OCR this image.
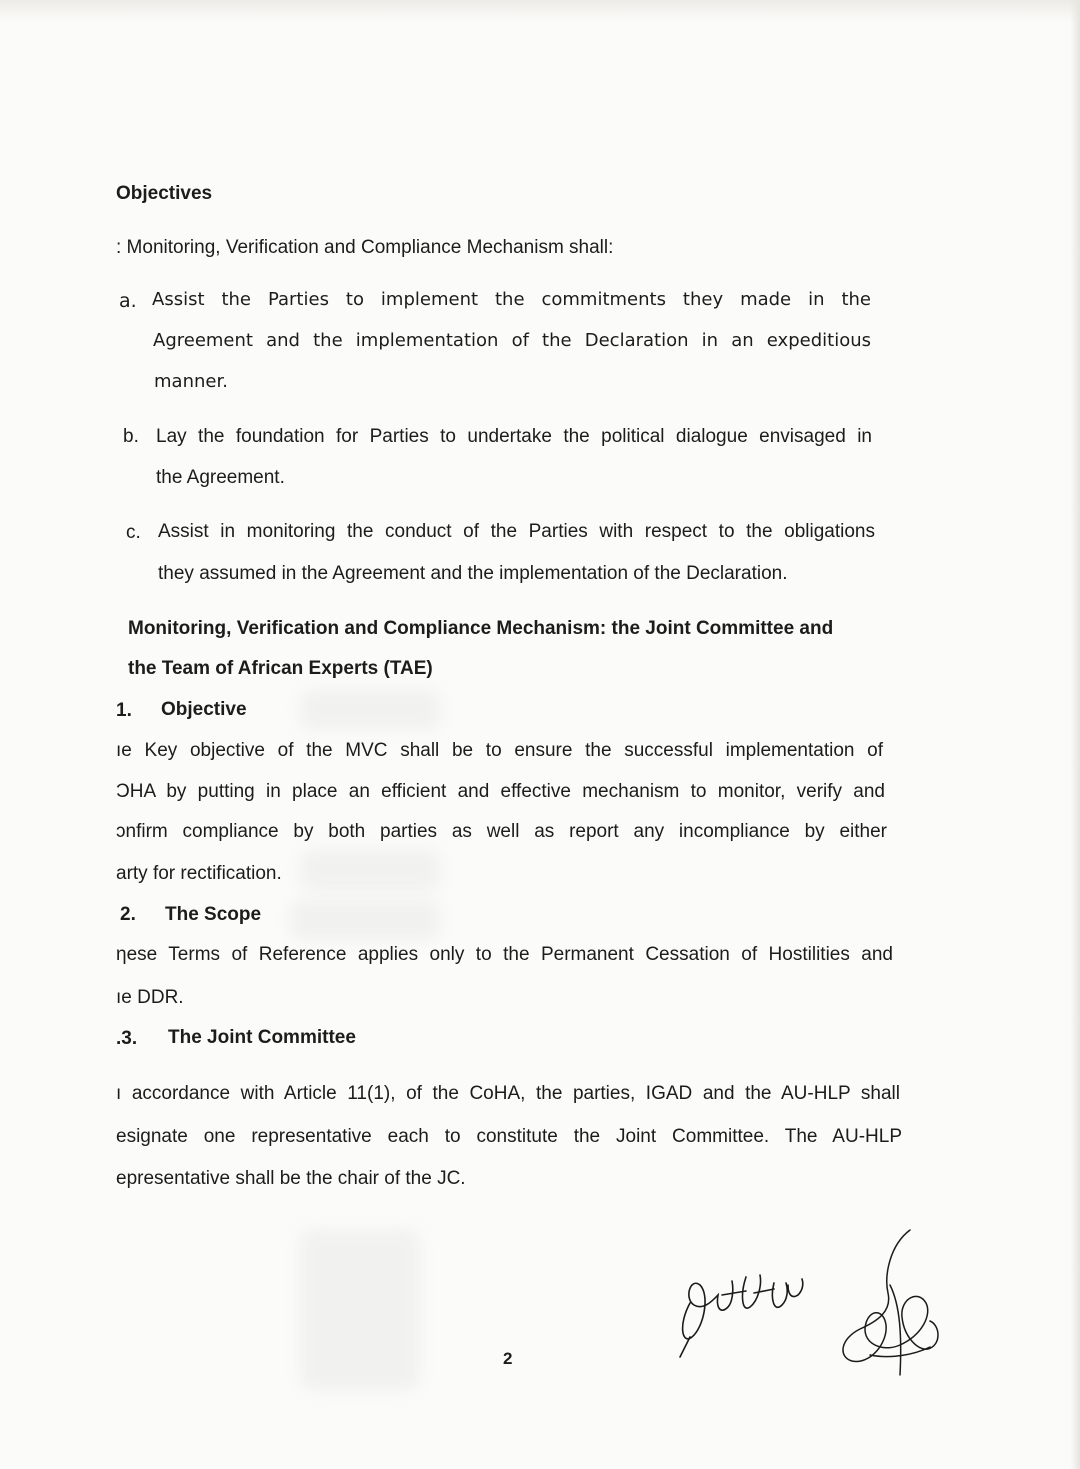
Objectives
: Monitoring, Verification and Compliance Mechanism shall:
a. Assist the Parties to implement the commitments they made in the
Agreement and the implementation of the Declaration in an expeditious
manner.
b. Lay the foundation for Parties to undertake the political dialogue envisaged in
the Agreement.
c. Assist in monitoring the conduct of the Parties with respect to the obligations
they assumed in the Agreement and the implementation of the Declaration.
Monitoring, Verification and Compliance Mechanism: the Joint Committee and
the Team of African Experts (TAE)
1. Objective
ıe Key objective of the MVC shall be to ensure the successful implementation of
ƆHA by putting in place an efficient and effective mechanism to monitor, verify and
ɔnfirm compliance by both parties as well as report any incompliance by either
arty for rectification.
2. The Scope
ηese Terms of Reference applies only to the Permanent Cessation of Hostilities and
ıe DDR.
.3. The Joint Committee
ı accordance with Article 11(1), of the CoHA, the parties, IGAD and the AU-HLP shall
esignate one representative each to constitute the Joint Committee. The AU-HLP
epresentative shall be the chair of the JC.
2
